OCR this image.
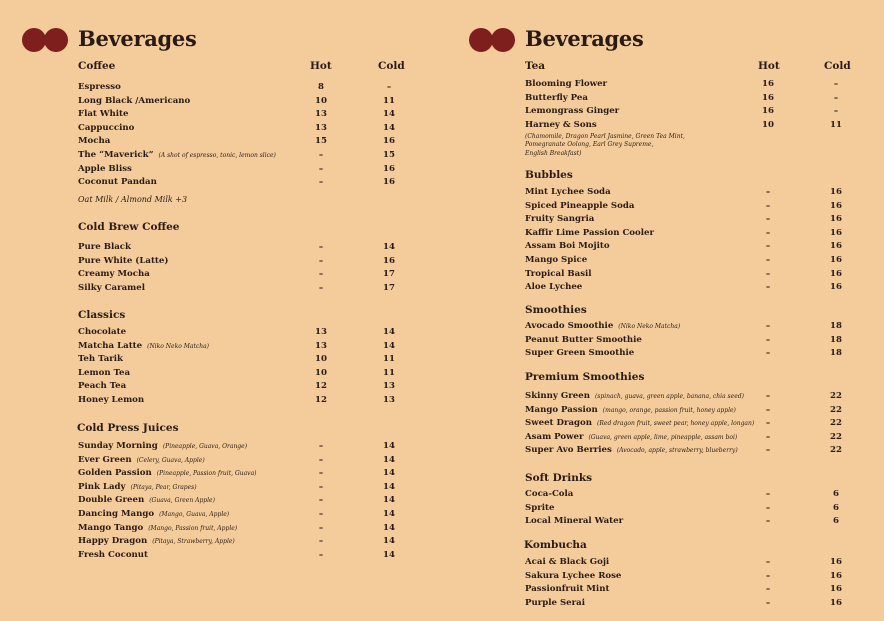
Beverages
Coffee	Hot	Cold
Espresso	8	–
Long Black /Americano	10	11
Flat White	13	14
Cappuccino	13	14
Mocha	15	16
The “Maverick” (A shot of espresso, tonic, lemon slice)	–	15
Apple Bliss	–	16
Coconut Pandan	–	16
Oat Milk / Almond Milk +3
Cold Brew Coffee
Pure Black	–	14
Pure White (Latte)	–	16
Creamy Mocha	–	17
Silky Caramel	–	17
Classics
Chocolate	13	14
Matcha Latte (Niko Neko Matcha)	13	14
Teh Tarik	10	11
Lemon Tea	10	11
Peach Tea	12	13
Honey Lemon	12	13
Cold Press Juices
Sunday Morning (Pineapple, Guava, Orange)	–	14
Ever Green (Celery, Guava, Apple)	–	14
Golden Passion (Pineapple, Passion fruit, Guava)	–	14
Pink Lady (Pitaya, Pear, Grapes)	–	14
Double Green (Guava, Green Apple)	–	14
Dancing Mango (Mango, Guava, Apple)	–	14
Mango Tango (Mango, Passion fruit, Apple)	–	14
Happy Dragon (Pitaya, Strawberry, Apple)	–	14
Fresh Coconut	–	14
Beverages
Tea	Hot	Cold
Blooming Flower	16	–
Butterfly Pea	16	–
Lemongrass Ginger	16	–
Harney & Sons	10	11
(Chamomile, Dragon Pearl Jasmine, Green Tea Mint,
Pomegranate Oolong, Earl Grey Supreme,
English Breakfast)
Bubbles
Mint Lychee Soda	–	16
Spiced Pineapple Soda	–	16
Fruity Sangria	–	16
Kaffir Lime Passion Cooler	–	16
Assam Boi Mojito	–	16
Mango Spice	–	16
Tropical Basil	–	16
Aloe Lychee	–	16
Smoothies
Avocado Smoothie (Niko Neko Matcha)	–	18
Peanut Butter Smoothie	–	18
Super Green Smoothie	–	18
Premium Smoothies
Skinny Green (spinach, guava, green apple, banana, chia seed)	–	22
Mango Passion (mango, orange, passion fruit, honey apple)	–	22
Sweet Dragon (Red dragon fruit, sweet pear, honey apple, longan)	–	22
Asam Power (Guava, green apple, lime, pineapple, assam boi)	–	22
Super Avo Berries (Avocado, apple, strawberry, blueberry)	–	22
Soft Drinks
Coca-Cola	–	6
Sprite	–	6
Local Mineral Water	–	6
Kombucha
Acai & Black Goji	–	16
Sakura Lychee Rose	–	16
Passionfruit Mint	–	16
Purple Serai	–	16
